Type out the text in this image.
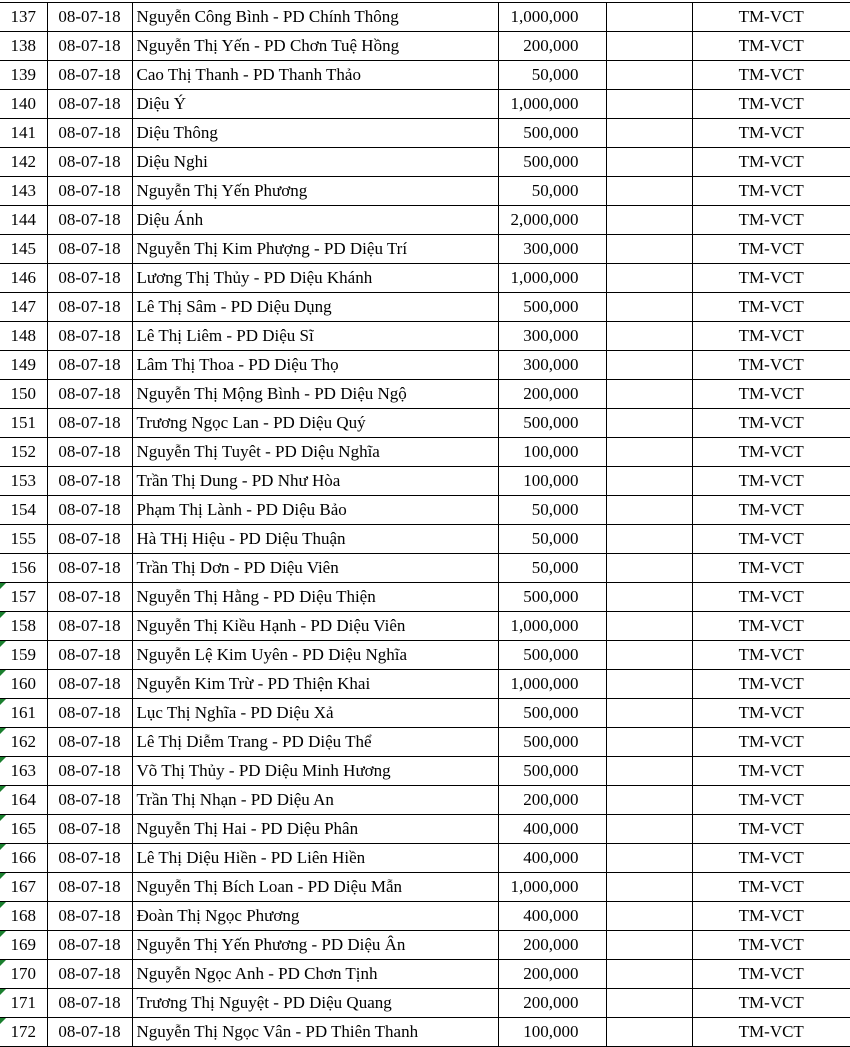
137	08-07-18	Nguyễn Công Bình - PD Chính Thông	1,000,000		TM-VCT
138	08-07-18	Nguyễn Thị Yến - PD Chơn Tuệ Hồng	200,000		TM-VCT
139	08-07-18	Cao Thị Thanh - PD Thanh Thảo	50,000		TM-VCT
140	08-07-18	Diệu Ý	1,000,000		TM-VCT
141	08-07-18	Diệu Thông	500,000		TM-VCT
142	08-07-18	Diệu Nghi	500,000		TM-VCT
143	08-07-18	Nguyễn Thị Yến Phương	50,000		TM-VCT
144	08-07-18	Diệu Ánh	2,000,000		TM-VCT
145	08-07-18	Nguyễn Thị Kim Phượng - PD Diệu Trí	300,000		TM-VCT
146	08-07-18	Lương Thị Thủy - PD Diệu Khánh	1,000,000		TM-VCT
147	08-07-18	Lê Thị Sâm - PD Diệu Dụng	500,000		TM-VCT
148	08-07-18	Lê Thị Liêm - PD Diệu Sĩ	300,000		TM-VCT
149	08-07-18	Lâm Thị Thoa - PD Diệu Thọ	300,000		TM-VCT
150	08-07-18	Nguyễn Thị Mộng Bình - PD Diệu Ngộ	200,000		TM-VCT
151	08-07-18	Trương Ngọc Lan - PD Diệu Quý	500,000		TM-VCT
152	08-07-18	Nguyễn Thị Tuyêt - PD Diệu Nghĩa	100,000		TM-VCT
153	08-07-18	Trần Thị Dung - PD Như Hòa	100,000		TM-VCT
154	08-07-18	Phạm Thị Lành - PD Diệu Bảo	50,000		TM-VCT
155	08-07-18	Hà THị Hiệu - PD Diệu Thuận	50,000		TM-VCT
156	08-07-18	Trần Thị Dơn - PD Diệu Viên	50,000		TM-VCT

157	08-07-18	Nguyễn Thị Hằng - PD Diệu Thiện	500,000		TM-VCT

158	08-07-18	Nguyễn Thị Kiều Hạnh - PD Diệu Viên	1,000,000		TM-VCT

159	08-07-18	Nguyễn Lệ Kim Uyên - PD Diệu Nghĩa	500,000		TM-VCT

160	08-07-18	Nguyễn Kim Trừ - PD Thiện Khai	1,000,000		TM-VCT

161	08-07-18	Lục Thị Nghĩa - PD Diệu Xả	500,000		TM-VCT

162	08-07-18	Lê Thị Diễm Trang - PD Diệu Thể	500,000		TM-VCT

163	08-07-18	Võ Thị Thủy - PD Diệu Minh Hương	500,000		TM-VCT

164	08-07-18	Trần Thị Nhạn - PD Diệu An	200,000		TM-VCT

165	08-07-18	Nguyễn Thị Hai - PD Diệu Phân	400,000		TM-VCT

166	08-07-18	Lê Thị Diệu Hiền - PD Liên Hiền	400,000		TM-VCT

167	08-07-18	Nguyễn Thị Bích Loan - PD Diệu Mẫn	1,000,000		TM-VCT

168	08-07-18	Đoàn Thị Ngọc Phương	400,000		TM-VCT

169	08-07-18	Nguyễn Thị Yến Phương - PD Diệu Ân	200,000		TM-VCT

170	08-07-18	Nguyễn Ngọc Anh - PD Chơn Tịnh	200,000		TM-VCT

171	08-07-18	Trương Thị Nguyệt - PD Diệu Quang	200,000		TM-VCT

172	08-07-18	Nguyễn Thị Ngọc Vân - PD Thiên Thanh	100,000		TM-VCT
